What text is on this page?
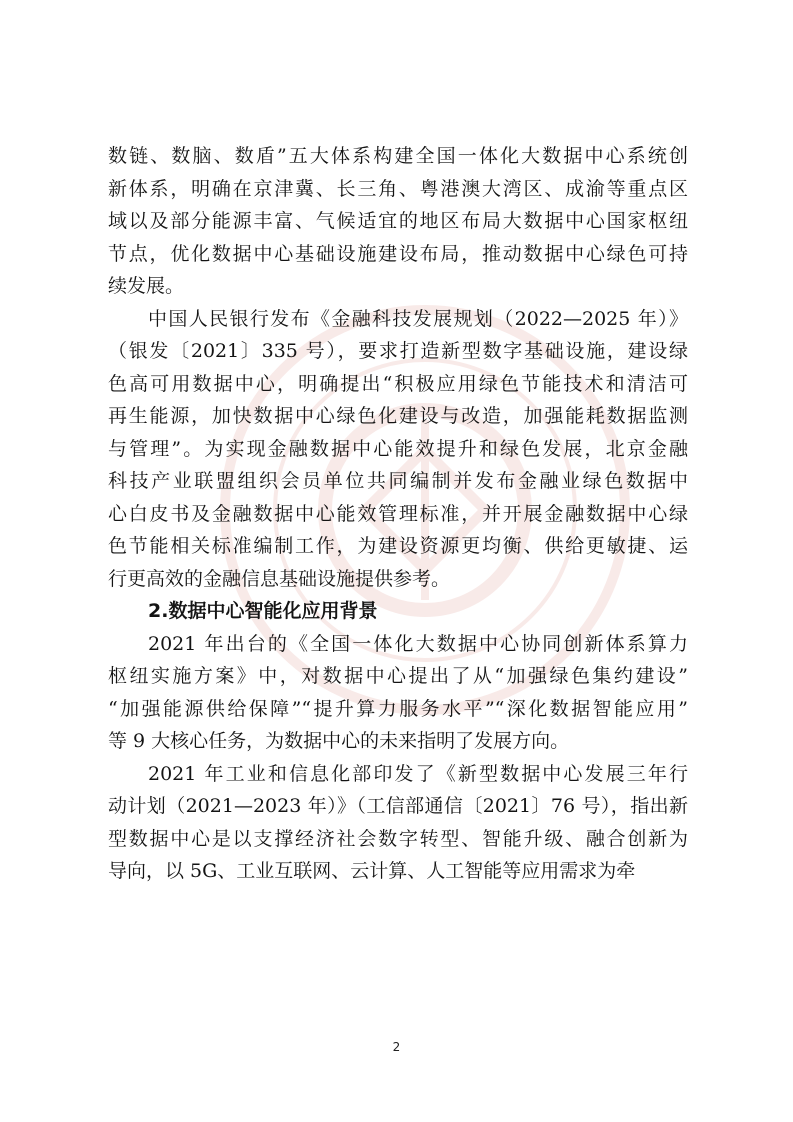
数链、数脑、数盾”五大体系构建全国一体化大数据中心系统创
新体系，明确在京津冀、长三角、粤港澳大湾区、成渝等重点区
域以及部分能源丰富、气候适宜的地区布局大数据中心国家枢纽
节点，优化数据中心基础设施建设布局，推动数据中心绿色可持
续发展。
中国人民银行发布《金融科技发展规划（2022—2025 年）》
（银发〔2021〕335 号），要求打造新型数字基础设施，建设绿
色高可用数据中心，明确提出“积极应用绿色节能技术和清洁可
再生能源，加快数据中心绿色化建设与改造，加强能耗数据监测
与管理”。为实现金融数据中心能效提升和绿色发展，北京金融
科技产业联盟组织会员单位共同编制并发布金融业绿色数据中
心白皮书及金融数据中心能效管理标准，并开展金融数据中心绿
色节能相关标准编制工作，为建设资源更均衡、供给更敏捷、运
行更高效的金融信息基础设施提供参考。
2.数据中心智能化应用背景
2021 年出台的《全国一体化大数据中心协同创新体系算力
枢纽实施方案》中，对数据中心提出了从“加强绿色集约建设”
“加强能源供给保障”“提升算力服务水平”“深化数据智能应用”
等 9 大核心任务，为数据中心的未来指明了发展方向。
2021 年工业和信息化部印发了《新型数据中心发展三年行
动计划（2021—2023 年）》（工信部通信〔2021〕76 号），指出新
型数据中心是以支撑经济社会数字转型、智能升级、融合创新为
导向，以 5G、工业互联网、云计算、人工智能等应用需求为牵
2
